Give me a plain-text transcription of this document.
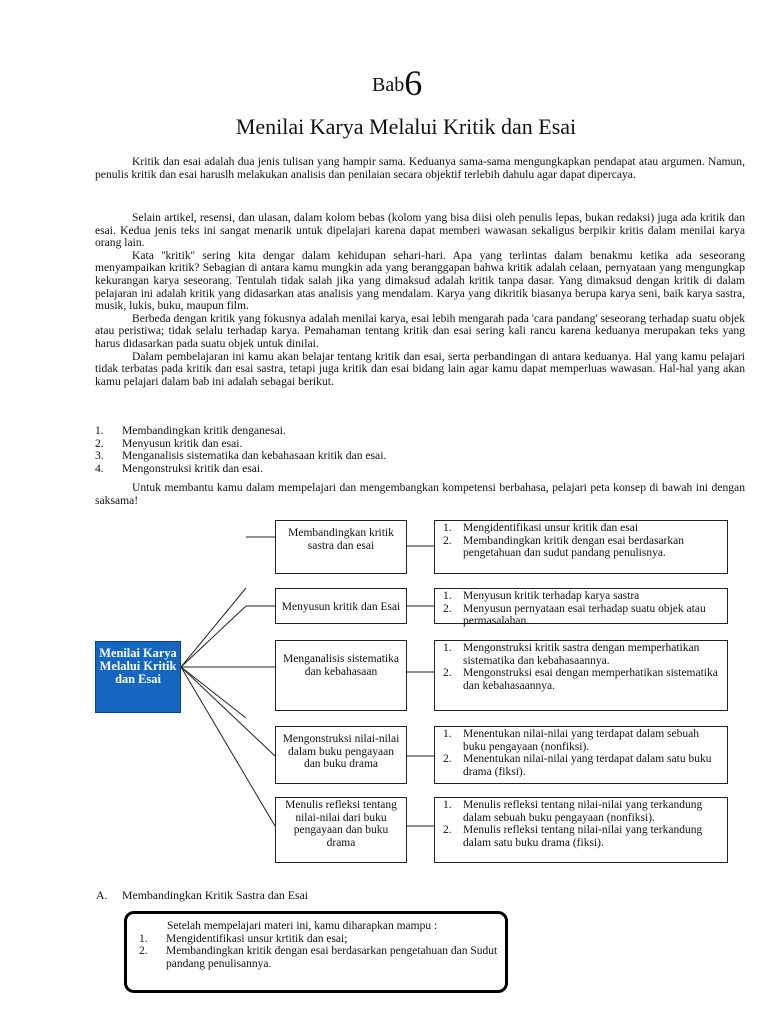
Bab6
Menilai Karya Melalui Kritik dan Esai

Kritik dan esai adalah dua jenis tulisan yang hampir sama. Keduanya sama-sama mengungkapkan pendapat atau argumen. Namun, penulis kritik dan esai haruslh melakukan analisis dan penilaian secara objektif terlebih dahulu agar dapat dipercaya.

Selain artikel, resensi, dan ulasan, dalam kolom bebas (kolom yang bisa diisi oleh penulis lepas, bukan redaksi) juga ada kritik dan esai. Kedua jenis teks ini sangat menarik untuk dipelajari karena dapat memberi wawasan sekaligus berpikir kritis dalam menilai karya orang lain.

Kata ''kritik'' sering kita dengar dalam kehidupan sehari-hari. Apa yang terlintas dalam benakmu ketika ada seseorang menyampaikan kritik? Sebagian di antara kamu mungkin ada yang beranggapan bahwa kritik adalah celaan, pernyataan yang mengungkap kekurangan karya seseorang. Tentulah tidak salah jika yang dimaksud adalah kritik tanpa dasar. Yang dimaksud dengan kritik di dalam pelajaran ini adalah kritik yang didasarkan atas analisis yang mendalam. Karya yang dikritik biasanya berupa karya seni, baik karya sastra, musik, lukis, buku, maupun film.

Berbeda dengan kritik yang fokusnya adalah menilai karya, esai lebih mengarah pada 'cara pandang' seseorang terhadap suatu objek atau peristiwa; tidak selalu terhadap karya. Pemahaman tentang kritik dan esai sering kali rancu karena keduanya merupakan teks yang harus didasarkan pada suatu objek untuk dinilai.

Dalam pembelajaran ini kamu akan belajar tentang kritik dan esai, serta perbandingan di antara keduanya. Hal yang kamu pelajari tidak terbatas pada kritik dan esai sastra, tetapi juga kritik dan esai bidang lain agar kamu dapat memperluas wawasan. Hal-hal yang akan kamu pelajari dalam bab ini adalah sebagai berikut.

1.	Membandingkan kritik denganesai.
2.	Menyusun kritik dan esai.
3.	Menganalisis sistematika dan kebahasaan kritik dan esai.
4.	Mengonstruksi kritik dan esai.

Untuk membantu kamu dalam mempelajari dan mengembangkan kompetensi berbahasa, pelajari peta konsep di bawah ini dengan saksama!

Menilai Karya Melalui Kritik dan Esai
Membandingkan kritik sastra dan esai
1. Mengidentifikasi unsur kritik dan esai
2. Membandingkan kritik dengan esai berdasarkan pengetahuan dan sudut pandang penulisnya.
Menyusun kritik dan Esai
1. Menyusun kritik terhadap karya sastra
2. Menyusun pernyataan esai terhadap suatu objek atau permasalahan.
Menganalisis sistematika dan kebahasaan
1. Mengonstruksi kritik sastra dengan memperhatikan sistematika dan kebahasaannya.
2. Mengonstruksi esai dengan memperhatikan sistematika dan kebahasaannya.
Mengonstruksi nilai-nilai dalam buku pengayaan dan buku drama
1. Menentukan nilai-nilai yang terdapat dalam sebuah buku pengayaan (nonfiksi).
2. Menentukan nilai-nilai yang terdapat dalam satu buku drama (fiksi).
Menulis refleksi tentang nilai-nilai dari buku pengayaan dan buku drama
1. Menulis refleksi tentang nilai-nilai yang terkandung dalam sebuah buku pengayaan (nonfiksi).
2. Menulis refleksi tentang nilai-nilai yang terkandung dalam satu buku drama (fiksi).
A.	Membandingkan Kritik Sastra dan Esai
Setelah mempelajari materi ini, kamu diharapkan mampu :
1.	Mengidentifikasi unsur krtitik dan esai;
2.	Membandingkan kritik dengan esai berdasarkan pengetahuan dan Sudut pandang penulisannya.
